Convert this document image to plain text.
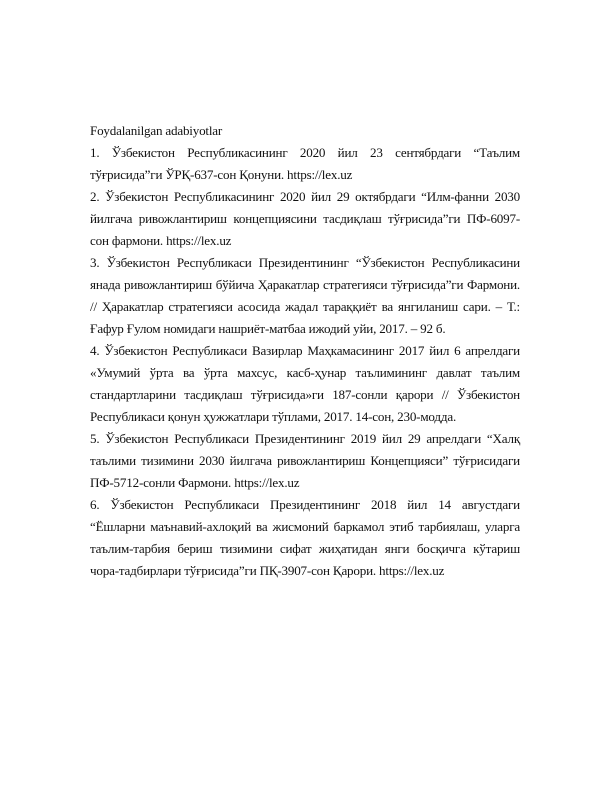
Foydalanilgan adabiyotlar

1. Ўзбекистон Республикасининг 2020 йил 23 сентябрдаги “Таълим тўғрисида”ги ЎРҚ-637-сон Қонуни. https://lex.uz

2. Ўзбекистон Республикасининг 2020 йил 29 октябрдаги “Илм-фанни 2030 йилгача ривожлантириш концепциясини тасдиқлаш тўғрисида”ги ПФ-6097-сон фармони. https://lex.uz

3. Ўзбекистон Республикаси Президентининг “Ўзбекистон Республикасини янада ривожлантириш бўйича Ҳаракатлар стратегияси тўғрисида”ги Фармони. // Ҳаракатлар стратегияси асосида жадал тараққиёт ва янгиланиш сари. – Т.: Ғафур Ғулом номидаги нашриёт-матбаа ижодий уйи, 2017. – 92 б.

4. Ўзбекистон Республикаси Вазирлар Маҳкамасининг 2017 йил 6 апрелдаги «Умумий ўрта ва ўрта махсус, касб-ҳунар таълимининг давлат таълим стандартларини тасдиқлаш тўғрисида»ги 187-сонли қарори // Ўзбекистон Республикаси қонун ҳужжатлари тўплами, 2017. 14-сон, 230-модда.

5. Ўзбекистон Республикаси Президентининг 2019 йил 29 апрелдаги “Халқ таълими тизимини 2030 йилгача ривожлантириш Концепцияси” тўғрисидаги ПФ-5712-сонли Фармони. https://lex.uz

6. Ўзбекистон Республикаси Президентининг 2018 йил 14 августдаги “Ёшларни маънавий-ахлоқий ва жисмоний баркамол этиб тарбиялаш, уларга таълим-тарбия бериш тизимини сифат жиҳатидан янги босқичга кўтариш чора-тадбирлари тўғрисида”ги ПҚ-3907-сон Қарори. https://lex.uz
